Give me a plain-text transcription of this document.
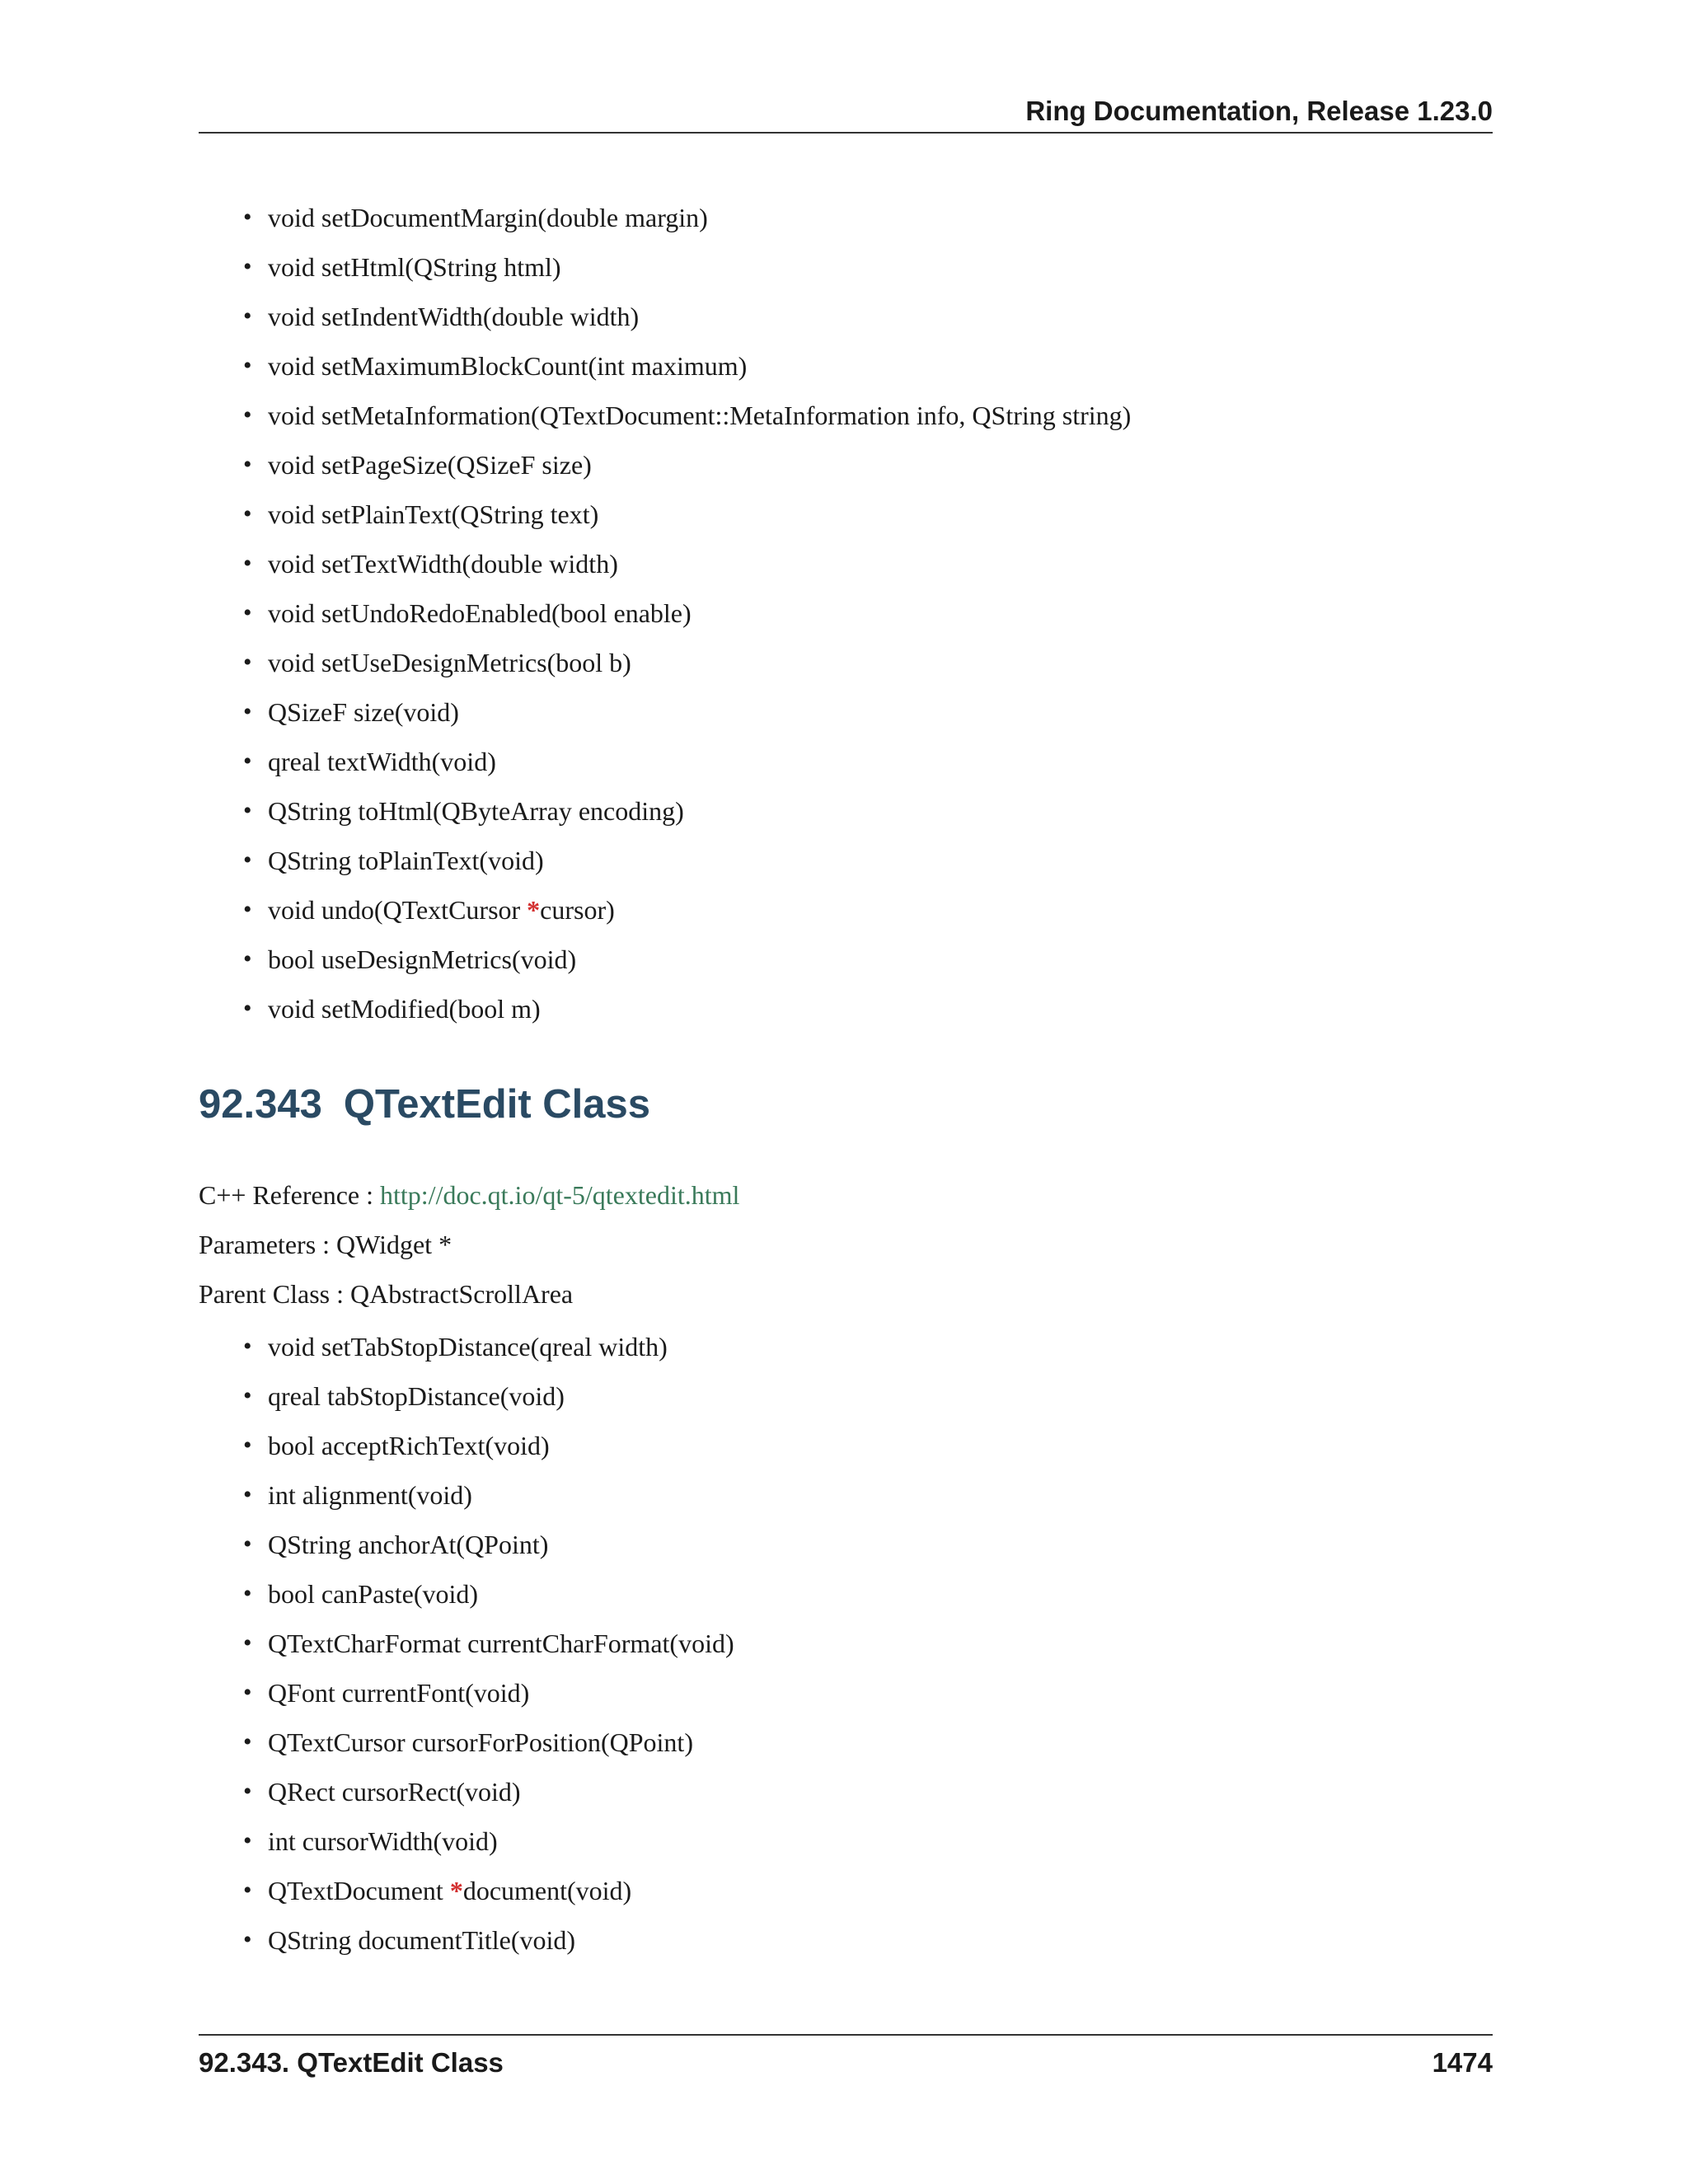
Ring Documentation, Release 1.23.0
• void setDocumentMargin(double margin)
• void setHtml(QString html)
• void setIndentWidth(double width)
• void setMaximumBlockCount(int maximum)
• void setMetaInformation(QTextDocument::MetaInformation info, QString string)
• void setPageSize(QSizeF size)
• void setPlainText(QString text)
• void setTextWidth(double width)
• void setUndoRedoEnabled(bool enable)
• void setUseDesignMetrics(bool b)
• QSizeF size(void)
• qreal textWidth(void)
• QString toHtml(QByteArray encoding)
• QString toPlainText(void)
• void undo(QTextCursor *cursor)
• bool useDesignMetrics(void)
• void setModified(bool m)
92.343 QTextEdit Class
C++ Reference : http://doc.qt.io/qt-5/qtextedit.html
Parameters : QWidget *
Parent Class : QAbstractScrollArea
• void setTabStopDistance(qreal width)
• qreal tabStopDistance(void)
• bool acceptRichText(void)
• int alignment(void)
• QString anchorAt(QPoint)
• bool canPaste(void)
• QTextCharFormat currentCharFormat(void)
• QFont currentFont(void)
• QTextCursor cursorForPosition(QPoint)
• QRect cursorRect(void)
• int cursorWidth(void)
• QTextDocument *document(void)
• QString documentTitle(void)
92.343. QTextEdit Class	1474
